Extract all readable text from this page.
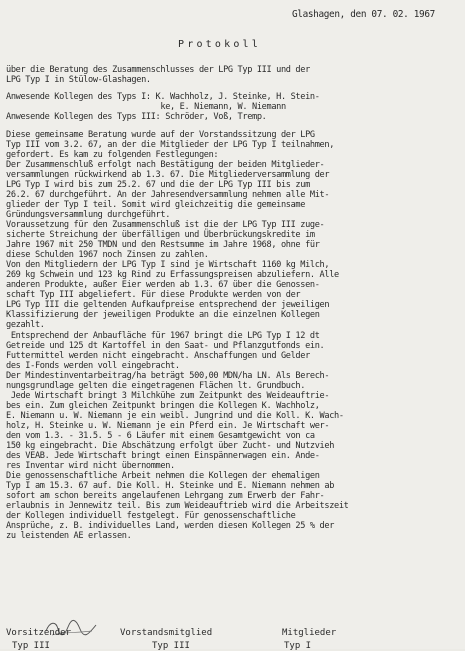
Glashagen, den 07. 02. 1967
Protokoll
über die Beratung des Zusammenschlusses der LPG Typ III und der
LPG Typ I in Stülow-Glashagen.
Anwesende Kollegen des Typs I: K. Wachholz, J. Steinke, H. Stein-
ke, E. Niemann, W. Niemann
Anwesende Kollegen des Typs III: Schröder, Voß, Tremp.
Diese gemeinsame Beratung wurde auf der Vorstandssitzung der LPG
Typ III vom 3.2. 67, an der die Mitglieder der LPG Typ I teilnahmen,
gefordert. Es kam zu folgenden Festlegungen:
Der Zusammenschluß erfolgt nach Bestätigung der beiden Mitglieder-
versammlungen rückwirkend ab 1.3. 67. Die Mitgliederversammlung der
LPG Typ I wird bis zum 25.2. 67 und die der LPG Typ III bis zum
26.2. 67 durchgeführt. An der Jahresendversammlung nehmen alle Mit-
glieder der Typ I teil. Somit wird gleichzeitig die gemeinsame
Gründungsversammlung durchgeführt.
Voraussetzung für den Zusammenschluß ist die der LPG Typ III zuge-
sicherte Streichung der überfälligen und Überbrückungskredite im
Jahre 1967 mit 250 TMDN und den Restsumme im Jahre 1968, ohne für
diese Schulden 1967 noch Zinsen zu zahlen.
Von den Mitgliedern der LPG Typ I sind je Wirtschaft 1160 kg Milch,
269 kg Schwein und 123 kg Rind zu Erfassungspreisen abzuliefern. Alle
anderen Produkte, außer Eier werden ab 1.3. 67 über die Genossen-
schaft Typ III abgeliefert. Für diese Produkte werden von der
LPG Typ III die geltenden Aufkaufpreise entsprechend der jeweiligen
Klassifizierung der jeweiligen Produkte an die einzelnen Kollegen
gezahlt.
Entsprechend der Anbaufläche für 1967 bringt die LPG Typ I 12 dt
Getreide und 125 dt Kartoffel in den Saat- und Pflanzgutfonds ein.
Futtermittel werden nicht eingebracht. Anschaffungen und Gelder
des I-Fonds werden voll eingebracht.
Der Mindestinventarbeitrag/ha beträgt 500,00 MDN/ha LN. Als Berech-
nungsgrundlage gelten die eingetragenen Flächen lt. Grundbuch.
Jede Wirtschaft bringt 3 Milchkühe zum Zeitpunkt des Weideauftrie-
bes ein. Zum gleichen Zeitpunkt bringen die Kollegen K. Wachholz,
E. Niemann u. W. Niemann je ein weibl. Jungrind und die Koll. K. Wach-
holz, H. Steinke u. W. Niemann je ein Pferd ein. Je Wirtschaft wer-
den vom 1.3. - 31.5. 5 - 6 Läufer mit einem Gesamtgewicht von ca
150 kg eingebracht. Die Abschätzung erfolgt über Zucht- und Nutzvieh
des VEAB. Jede Wirtschaft bringt einen Einspännerwagen ein. Ande-
res Inventar wird nicht übernommen.
Die genossenschaftliche Arbeit nehmen die Kollegen der ehemaligen
Typ I am 15.3. 67 auf. Die Koll. H. Steinke und E. Niemann nehmen ab
sofort am schon bereits angelaufenen Lehrgang zum Erwerb der Fahr-
erlaubnis in Jennewitz teil. Bis zum Weideauftrieb wird die Arbeitszeit
der Kollegen individuell festgelegt. Für genossenschaftliche
Ansprüche, z. B. individuelles Land, werden diesen Kollegen 25 % der
zu leistenden AE erlassen.
Vorsitzender
Typ III
Vorstandsmitglied
Typ III
Mitglieder
Typ I
